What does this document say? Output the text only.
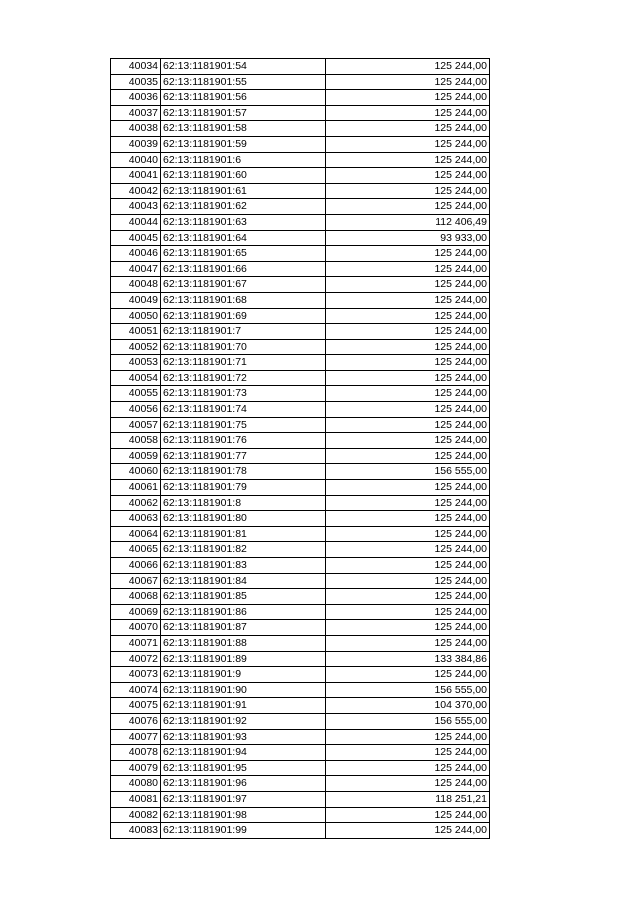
40034	62:13:1181901:54	125 244,00
40035	62:13:1181901:55	125 244,00
40036	62:13:1181901:56	125 244,00
40037	62:13:1181901:57	125 244,00
40038	62:13:1181901:58	125 244,00
40039	62:13:1181901:59	125 244,00
40040	62:13:1181901:6	125 244,00
40041	62:13:1181901:60	125 244,00
40042	62:13:1181901:61	125 244,00
40043	62:13:1181901:62	125 244,00
40044	62:13:1181901:63	112 406,49
40045	62:13:1181901:64	93 933,00
40046	62:13:1181901:65	125 244,00
40047	62:13:1181901:66	125 244,00
40048	62:13:1181901:67	125 244,00
40049	62:13:1181901:68	125 244,00
40050	62:13:1181901:69	125 244,00
40051	62:13:1181901:7	125 244,00
40052	62:13:1181901:70	125 244,00
40053	62:13:1181901:71	125 244,00
40054	62:13:1181901:72	125 244,00
40055	62:13:1181901:73	125 244,00
40056	62:13:1181901:74	125 244,00
40057	62:13:1181901:75	125 244,00
40058	62:13:1181901:76	125 244,00
40059	62:13:1181901:77	125 244,00
40060	62:13:1181901:78	156 555,00
40061	62:13:1181901:79	125 244,00
40062	62:13:1181901:8	125 244,00
40063	62:13:1181901:80	125 244,00
40064	62:13:1181901:81	125 244,00
40065	62:13:1181901:82	125 244,00
40066	62:13:1181901:83	125 244,00
40067	62:13:1181901:84	125 244,00
40068	62:13:1181901:85	125 244,00
40069	62:13:1181901:86	125 244,00
40070	62:13:1181901:87	125 244,00
40071	62:13:1181901:88	125 244,00
40072	62:13:1181901:89	133 384,86
40073	62:13:1181901:9	125 244,00
40074	62:13:1181901:90	156 555,00
40075	62:13:1181901:91	104 370,00
40076	62:13:1181901:92	156 555,00
40077	62:13:1181901:93	125 244,00
40078	62:13:1181901:94	125 244,00
40079	62:13:1181901:95	125 244,00
40080	62:13:1181901:96	125 244,00
40081	62:13:1181901:97	118 251,21
40082	62:13:1181901:98	125 244,00
40083	62:13:1181901:99	125 244,00
